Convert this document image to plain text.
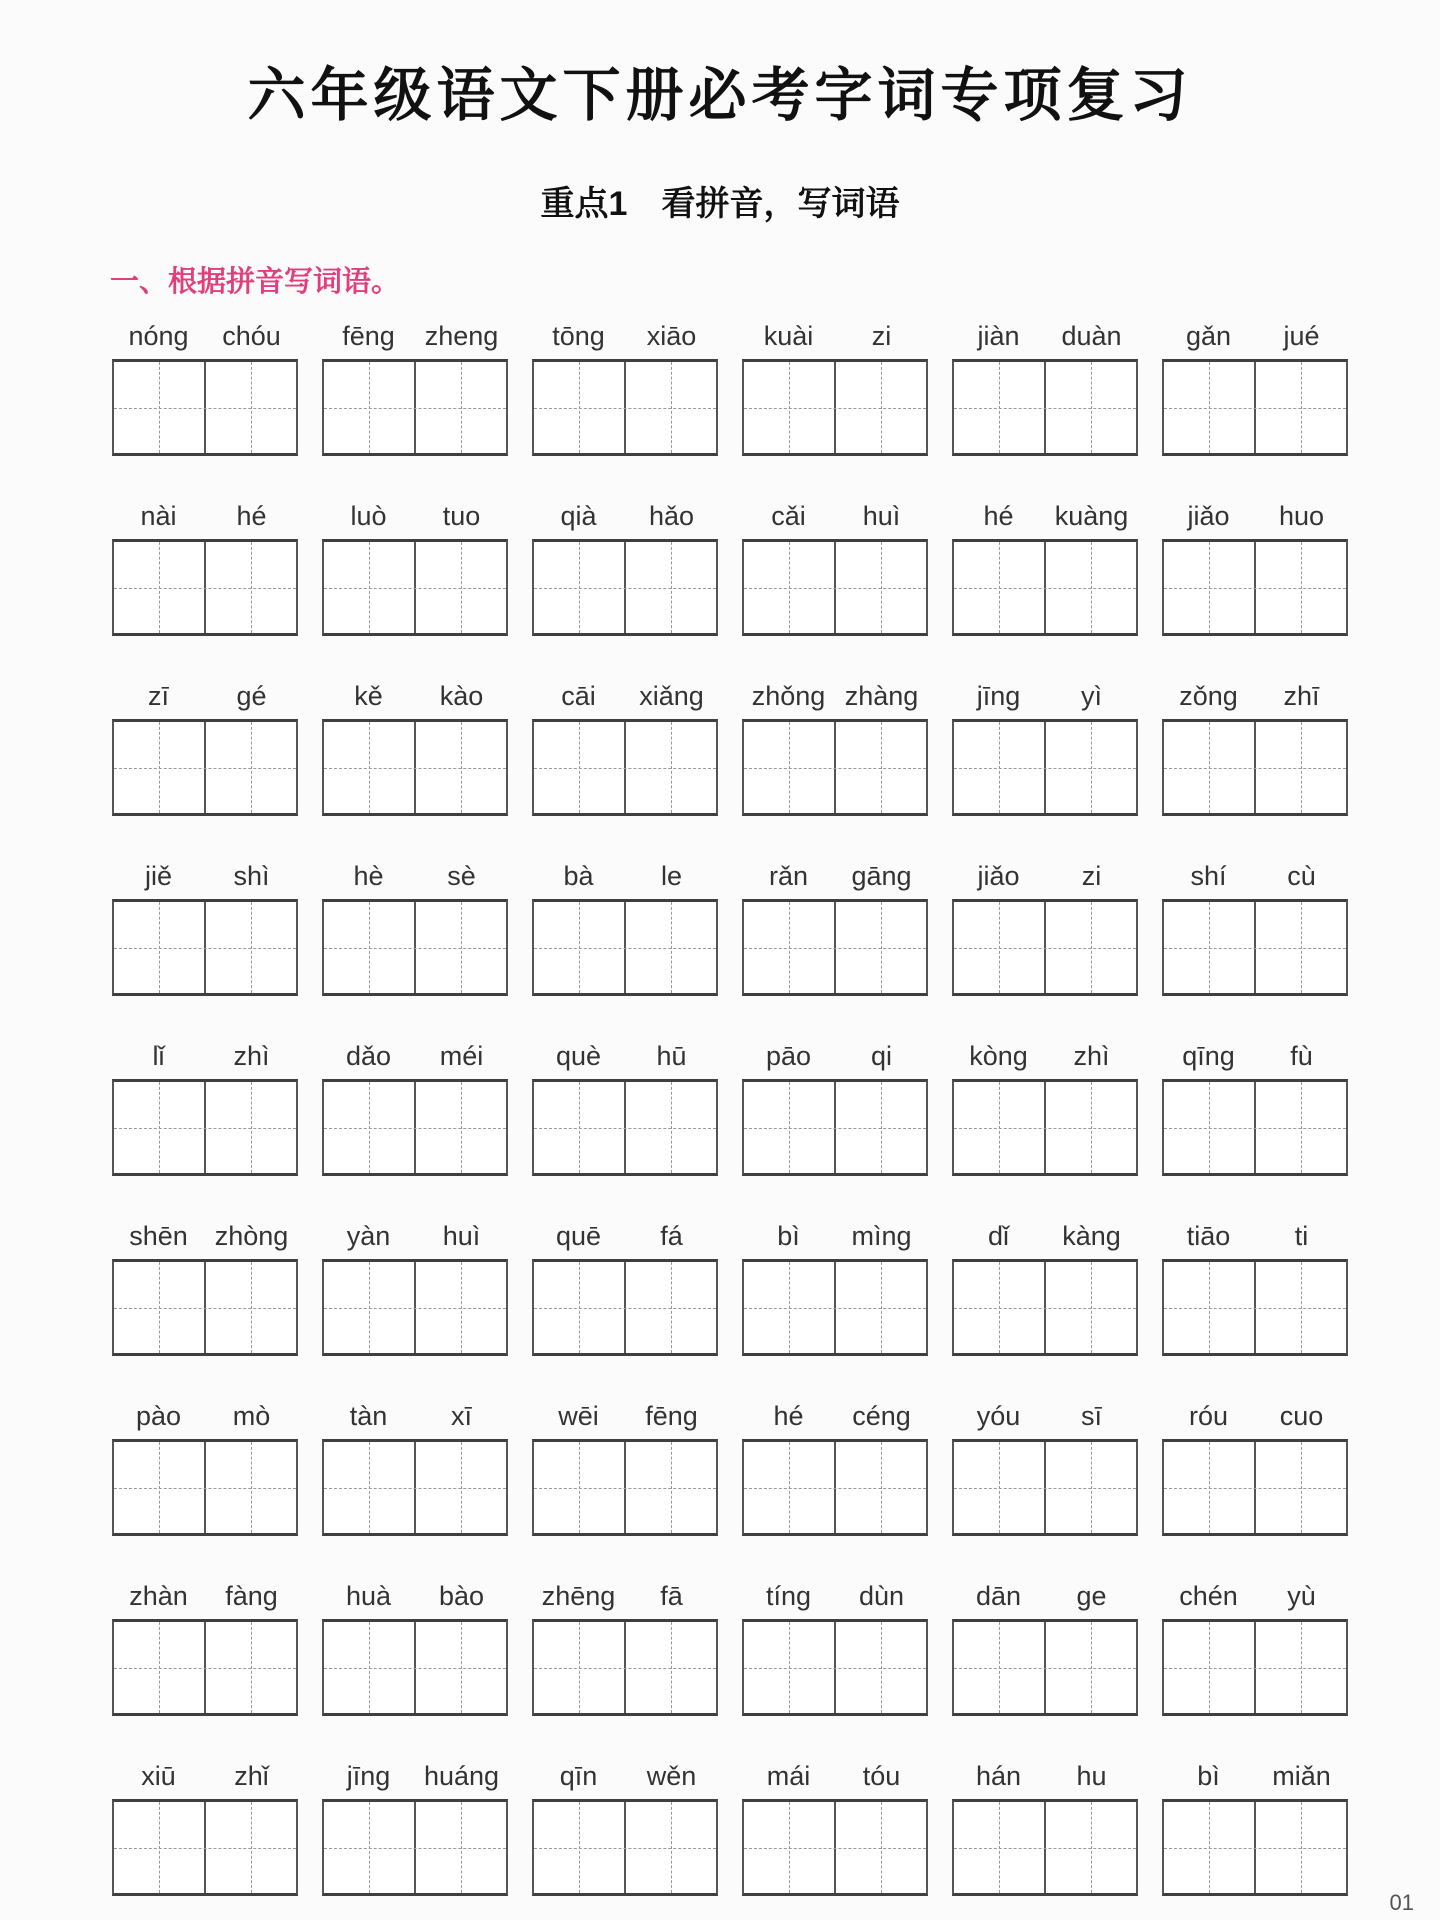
六年级语文下册必考字词专项复习
重点1　看拼音，写词语
一、根据拼音写词语。
nóng	chóu	fēng	zheng	tōng	xiāo	kuài	zi	jiàn	duàn	gǎn	jué
nài	hé	luò	tuo	qià	hǎo	cǎi	huì	hé	kuàng	jiǎo	huo
zī	gé	kě	kào	cāi	xiǎng	zhǒng zhàng	jīng	yì	zǒng	zhī
jiě	shì	hè	sè	bà	le	rǎn	gāng	jiǎo	zi	shí	cù
lǐ	zhì	dǎo	méi	què	hū	pāo	qi	kòng	zhì	qīng	fù
shēn zhòng	yàn	huì	quē	fá	bì	mìng	dǐ	kàng	tiāo	ti
pào	mò	tàn	xī	wēi	fēng	hé	céng	yóu	sī	róu	cuo
zhàn	fàng	huà	bào	zhēng	fā	tíng	dùn	dān	ge	chén	yù
xiū	zhǐ	jīng	huáng	qīn	wěn	mái	tóu	hán	hu	bì	miǎn
01
